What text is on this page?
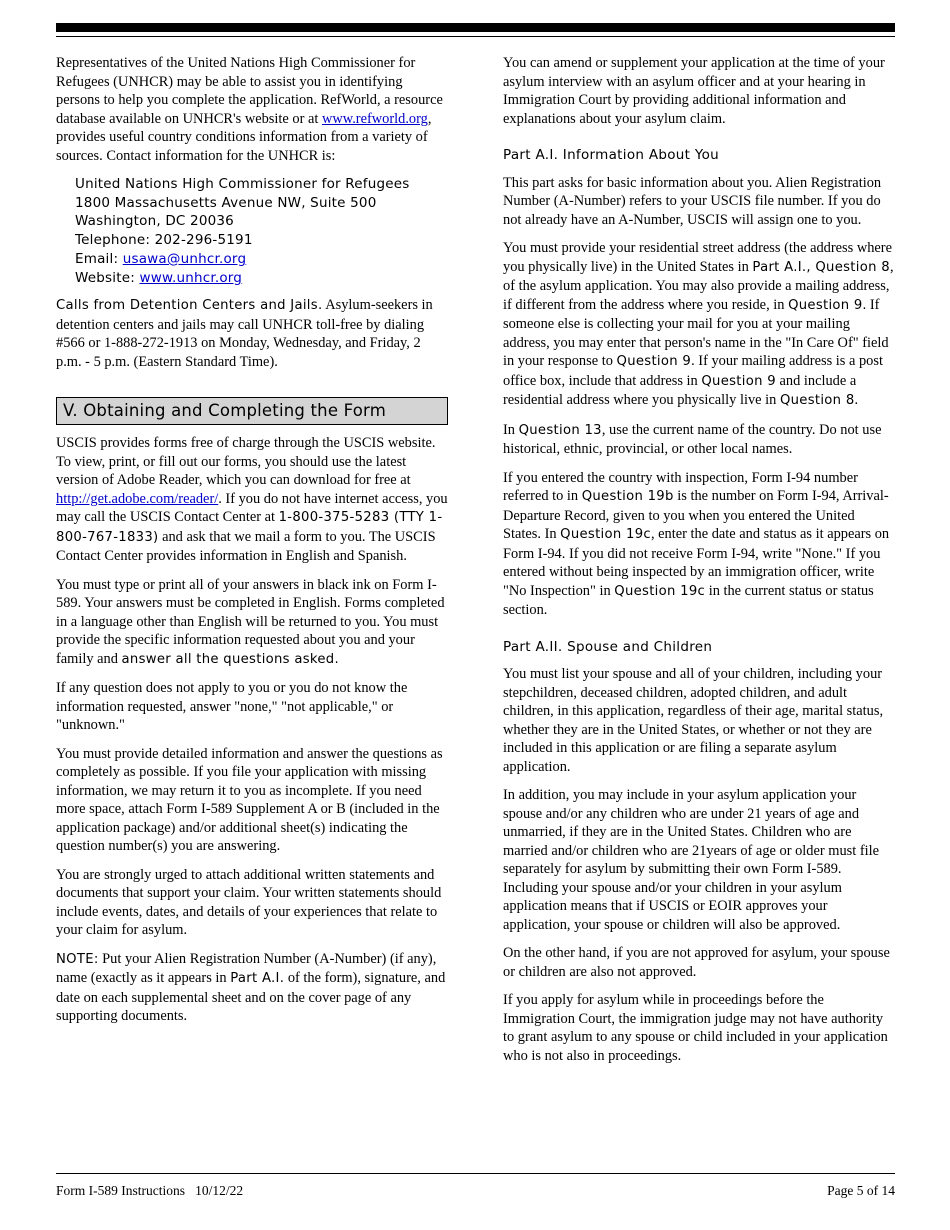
Representatives of the United Nations High Commissioner for Refugees (UNHCR) may be able to assist you in identifying persons to help you complete the application. RefWorld, a resource database available on UNHCR's website or at www.refworld.org, provides useful country conditions information from a variety of sources. Contact information for the UNHCR is:

United Nations High Commissioner for Refugees
1800 Massachusetts Avenue NW, Suite 500
Washington, DC 20036
Telephone: 202-296-5191
Email: usawa@unhcr.org
Website: www.unhcr.org

Calls from Detention Centers and Jails. Asylum-seekers in detention centers and jails may call UNHCR toll-free by dialing #566 or 1-888-272-1913 on Monday, Wednesday, and Friday, 2 p.m. - 5 p.m. (Eastern Standard Time).

V. Obtaining and Completing the Form

USCIS provides forms free of charge through the USCIS website. To view, print, or fill out our forms, you should use the latest version of Adobe Reader, which you can download for free at http://get.adobe.com/reader/. If you do not have internet access, you may call the USCIS Contact Center at 1-800-375-5283 (TTY 1-800-767-1833) and ask that we mail a form to you. The USCIS Contact Center provides information in English and Spanish.

You must type or print all of your answers in black ink on Form I-589. Your answers must be completed in English. Forms completed in a language other than English will be returned to you. You must provide the specific information requested about you and your family and answer all the questions asked.

If any question does not apply to you or you do not know the information requested, answer "none," "not applicable," or "unknown."

You must provide detailed information and answer the questions as completely as possible. If you file your application with missing information, we may return it to you as incomplete. If you need more space, attach Form I-589 Supplement A or B (included in the application package) and/or additional sheet(s) indicating the question number(s) you are answering.

You are strongly urged to attach additional written statements and documents that support your claim. Your written statements should include events, dates, and details of your experiences that relate to your claim for asylum.

NOTE: Put your Alien Registration Number (A-Number) (if any), name (exactly as it appears in Part A.I. of the form), signature, and date on each supplemental sheet and on the cover page of any supporting documents.

You can amend or supplement your application at the time of your asylum interview with an asylum officer and at your hearing in Immigration Court by providing additional information and explanations about your asylum claim.

Part A.I. Information About You

This part asks for basic information about you. Alien Registration Number (A-Number) refers to your USCIS file number. If you do not already have an A-Number, USCIS will assign one to you.

You must provide your residential street address (the address where you physically live) in the United States in Part A.I., Question 8, of the asylum application. You may also provide a mailing address, if different from the address where you reside, in Question 9. If someone else is collecting your mail for you at your mailing address, you may enter that person's name in the "In Care Of" field in your response to Question 9. If your mailing address is a post office box, include that address in Question 9 and include a residential address where you physically live in Question 8.

In Question 13, use the current name of the country. Do not use historical, ethnic, provincial, or other local names.

If you entered the country with inspection, Form I-94 number referred to in Question 19b is the number on Form I-94, Arrival-Departure Record, given to you when you entered the United States. In Question 19c, enter the date and status as it appears on Form I-94. If you did not receive Form I-94, write "None." If you entered without being inspected by an immigration officer, write "No Inspection" in Question 19c in the current status or status section.

Part A.II. Spouse and Children

You must list your spouse and all of your children, including your stepchildren, deceased children, adopted children, and adult children, in this application, regardless of their age, marital status, whether they are in the United States, or whether or not they are included in this application or are filing a separate asylum application.

In addition, you may include in your asylum application your spouse and/or any children who are under 21 years of age and unmarried, if they are in the United States. Children who are married and/or children who are 21years of age or older must file separately for asylum by submitting their own Form I-589. Including your spouse and/or your children in your asylum application means that if USCIS or EOIR approves your application, your spouse or children will also be approved.

On the other hand, if you are not approved for asylum, your spouse or children are also not approved.

If you apply for asylum while in proceedings before the Immigration Court, the immigration judge may not have authority to grant asylum to any spouse or child included in your application who is not also in proceedings.

Form I-589 Instructions   10/12/22	Page 5 of 14
